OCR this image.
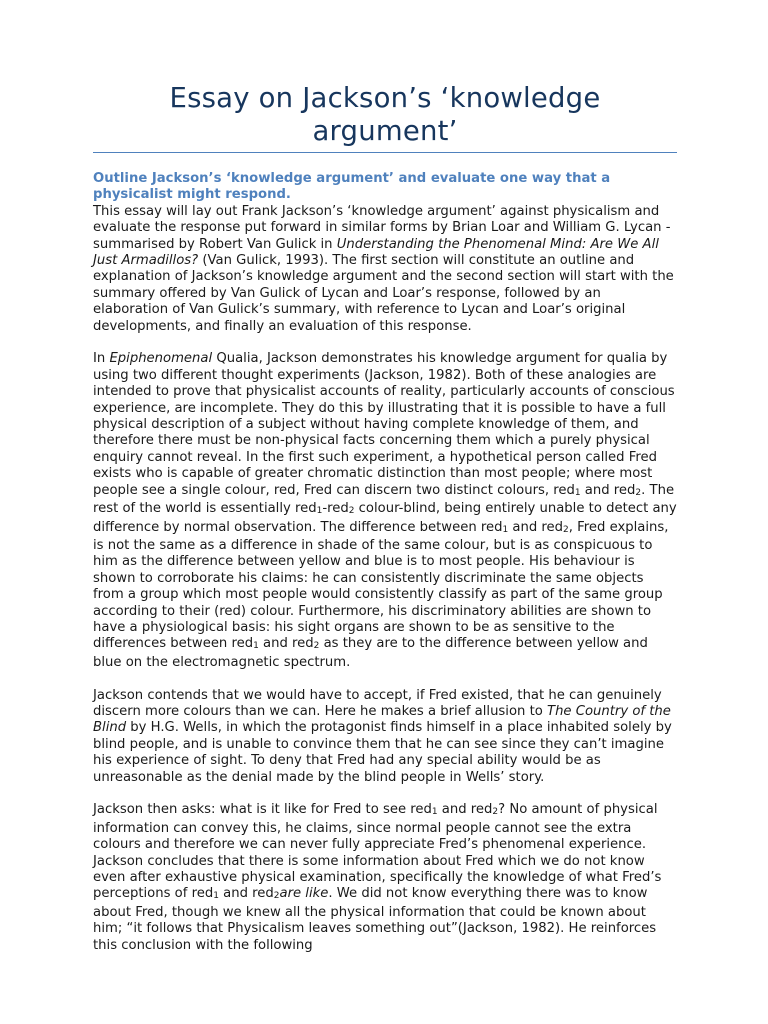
Essay on Jackson’s ‘knowledge argument’
Outline Jackson’s ‘knowledge argument’ and evaluate one way that a physicalist might respond.

This essay will lay out Frank Jackson’s ‘knowledge argument’ against physicalism and evaluate the response put forward in similar forms by Brian Loar and William G. Lycan - summarised by Robert Van Gulick in Understanding the Phenomenal Mind: Are We All Just Armadillos? (Van Gulick, 1993). The first section will constitute an outline and explanation of Jackson’s knowledge argument and the second section will start with the summary offered by Van Gulick of Lycan and Loar’s response, followed by an elaboration of Van Gulick’s summary, with reference to Lycan and Loar’s original developments, and finally an evaluation of this response.

In Epiphenomenal Qualia, Jackson demonstrates his knowledge argument for qualia by using two different thought experiments (Jackson, 1982). Both of these analogies are intended to prove that physicalist accounts of reality, particularly accounts of conscious experience, are incomplete. They do this by illustrating that it is possible to have a full physical description of a subject without having complete knowledge of them, and therefore there must be non-physical facts concerning them which a purely physical enquiry cannot reveal. In the first such experiment, a hypothetical person called Fred exists who is capable of greater chromatic distinction than most people; where most people see a single colour, red, Fred can discern two distinct colours, red1 and red2. The rest of the world is essentially red1-red2 colour-blind, being entirely unable to detect any difference by normal observation. The difference between red1 and red2, Fred explains, is not the same as a difference in shade of the same colour, but is as conspicuous to him as the difference between yellow and blue is to most people. His behaviour is shown to corroborate his claims: he can consistently discriminate the same objects from a group which most people would consistently classify as part of the same group according to their (red) colour. Furthermore, his discriminatory abilities are shown to have a physiological basis: his sight organs are shown to be as sensitive to the differences between red1 and red2 as they are to the difference between yellow and blue on the electromagnetic spectrum.

Jackson contends that we would have to accept, if Fred existed, that he can genuinely discern more colours than we can. Here he makes a brief allusion to The Country of the Blind by H.G. Wells, in which the protagonist finds himself in a place inhabited solely by blind people, and is unable to convince them that he can see since they can’t imagine his experience of sight. To deny that Fred had any special ability would be as unreasonable as the denial made by the blind people in Wells’ story.

Jackson then asks: what is it like for Fred to see red1 and red2? No amount of physical information can convey this, he claims, since normal people cannot see the extra colours and therefore we can never fully appreciate Fred’s phenomenal experience. Jackson concludes that there is some information about Fred which we do not know even after exhaustive physical examination, specifically the knowledge of what Fred’s perceptions of red1 and red2are like. We did not know everything there was to know about Fred, though we knew all the physical information that could be known about him; “it follows that Physicalism leaves something out”(Jackson, 1982). He reinforces this conclusion with the following
